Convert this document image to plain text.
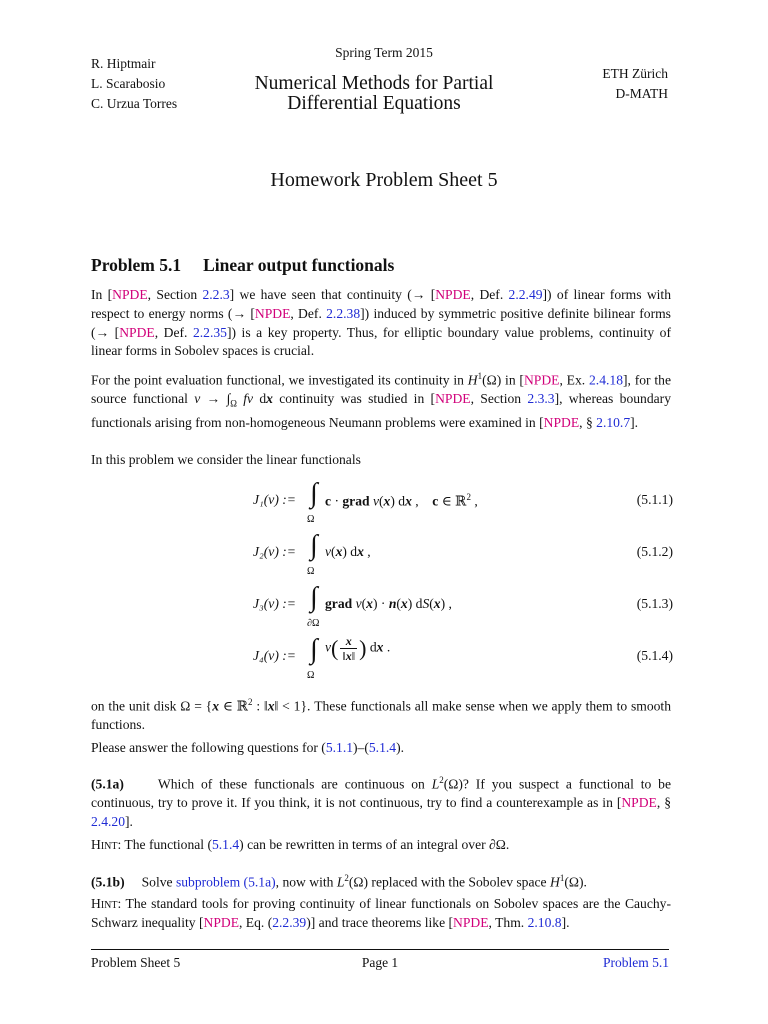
R. Hiptmair
L. Scarabosio
C. Urzua Torres
Spring Term 2015
Numerical Methods for Partial
Differential Equations
ETH Zürich
D-MATH
Homework Problem Sheet 5
Problem 5.1 Linear output functionals

In [NPDE, Section 2.2.3] we have seen that continuity (→ [NPDE, Def. 2.2.49]) of linear forms with respect to energy norms (→ [NPDE, Def. 2.2.38]) induced by symmetric positive definite bilinear forms (→ [NPDE, Def. 2.2.35]) is a key property. Thus, for elliptic boundary value problems, continuity of linear forms in Sobolev spaces is crucial.

For the point evaluation functional, we investigated its continuity in $H^1(\Omega)$ in [NPDE, Ex. 2.4.18], for the source functional $v \to \int_\Omega$ fv dx continuity was studied in [NPDE, Section 2.3.3], whereas boundary functionals arising from non-homogeneous Neumann problems were examined in [NPDE, § 2.10.7].

In this problem we consider the linear functionals

J₁(v) := ∫
Ω
c · grad v(x) dx ,    c ∈ ℝ$^2$ ,	(5.1.1)
J₂(v) := ∫
Ω
v(x) dx ,	(5.1.2)
J₃(v) := ∫
∂Ω
grad v(x) · n(x) dS(x) ,	(5.1.3)
J₄(v) := ∫
Ω
$v( \frac{x}{‖x‖}$ ) dx .
(5.1.4)

on the unit disk Ω = {x ∈ ℝ$^2$ : ‖x‖ < 1}. These functionals all make sense when we apply them to smooth functions.

Please answer the following questions for (5.1.1)–(5.1.4).

(5.1a)     Which of these functionals are continuous on $L^2(\Omega)$? If you suspect a functional to be continuous, try to prove it. If you think, it is not continuous, try to find a counterexample as in [NPDE, § 2.4.20].

Hint: The functional (5.1.4) can be rewritten in terms of an integral over ∂Ω.

(5.1b)     Solve subproblem (5.1a), now with $L^2(\Omega)$ replaced with the Sobolev space $H^1(\Omega)$.

Hint: The standard tools for proving continuity of linear functionals on Sobolev spaces are the Cauchy-Schwarz inequality [NPDE, Eq. (2.2.39)] and trace theorems like [NPDE, Thm. 2.10.8].

Problem Sheet 5	Page 1	Problem 5.1
